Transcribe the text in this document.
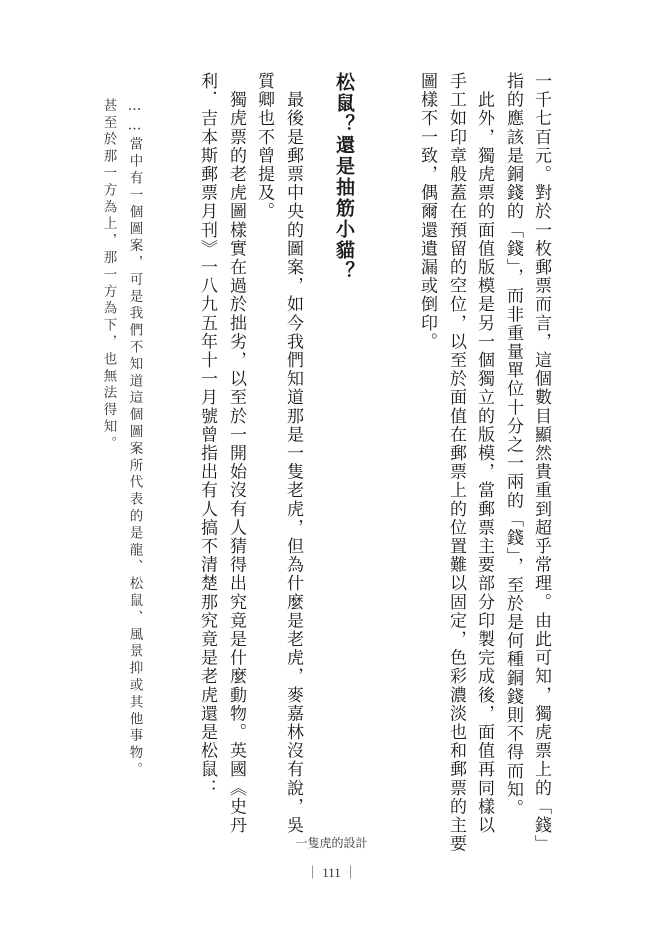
一千七百元。對於一枚郵票而言，這個數目顯然貴重到超乎常理。由此可知，獨虎票上的「錢」
指的應該是銅錢的「錢」，而非重量單位十分之一兩的「錢」，至於是何種銅錢則不得而知。
　此外，獨虎票的面值版模是另一個獨立的版模，當郵票主要部分印製完成後，面值再同樣以
手工如印章般蓋在預留的空位，以至於面值在郵票上的位置難以固定，色彩濃淡也和郵票的主要
圖樣不一致，偶爾還遺漏或倒印。
松鼠？還是抽筋小貓？
　最後是郵票中央的圖案，如今我們知道那是一隻老虎，但為什麼是老虎，麥嘉林沒有說，吳
質卿也不曾提及。
　獨虎票的老虎圖樣實在過於拙劣，以至於一開始沒有人猜得出究竟是什麼動物。英國《史丹
利．吉本斯郵票月刊》一八九五年十一月號曾指出有人搞不清楚那究竟是老虎還是松鼠：
……當中有一個圖案，可是我們不知道這個圖案所代表的是龍、松鼠、風景抑或其他事物。
甚至於那一方為上，那一方為下，也無法得知。
一隻虎的設計
｜ 111 ｜
